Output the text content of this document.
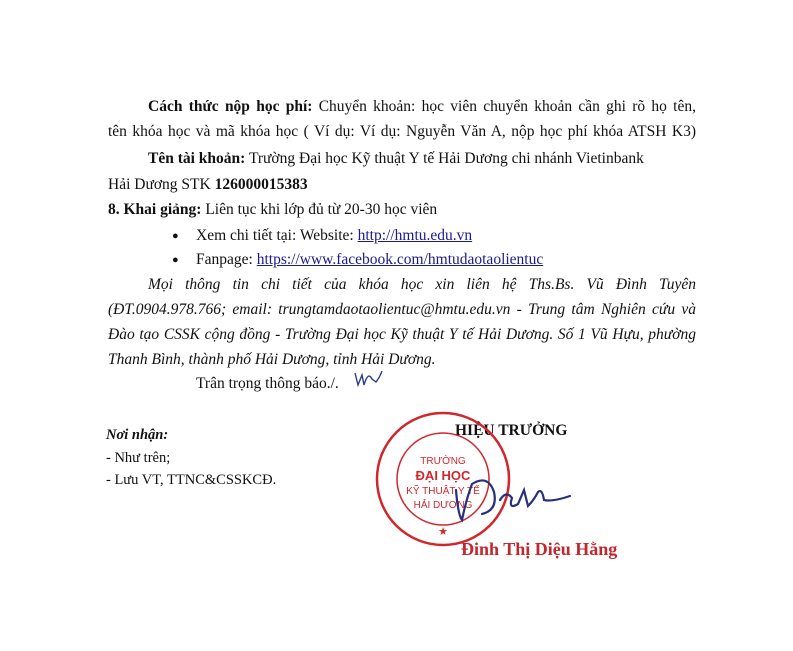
Cách thức nộp học phí: Chuyển khoản: học viên chuyển khoản cần ghi rõ họ tên,
tên khóa học và mã khóa học ( Ví dụ: Ví dụ: Nguyễn Văn A, nộp học phí khóa ATSH K3)
Tên tài khoản: Trường Đại học Kỹ thuật Y tế Hải Dương chi nhánh Vietinbank
Hải Dương STK 126000015383
8. Khai giảng: Liên tục khi lớp đủ từ 20-30 học viên
● Xem chi tiết tại: Website: http://hmtu.edu.vn
● Fanpage: https://www.facebook.com/hmtudaotaolientuc
Mọi thông tin chi tiết của khóa học xin liên hệ Ths.Bs. Vũ Đình Tuyên
(ĐT.0904.978.766; email: trungtamdaotaolientuc@hmtu.edu.vn - Trung tâm Nghiên cứu và
Đào tạo CSSK cộng đồng - Trường Đại học Kỹ thuật Y tế Hải Dương. Số 1 Vũ Hựu, phường
Thanh Bình, thành phố Hải Dương, tỉnh Hải Dương.
Trân trọng thông báo./.
Nơi nhận:
- Như trên;
- Lưu VT, TTNC&CSSKCĐ.
HIỆU TRƯỞNG
TRƯỜNG
ĐẠI HỌC
KỸ THUẬT Y TẾ
HẢI DƯƠNG
★
Đinh Thị Diệu Hằng
